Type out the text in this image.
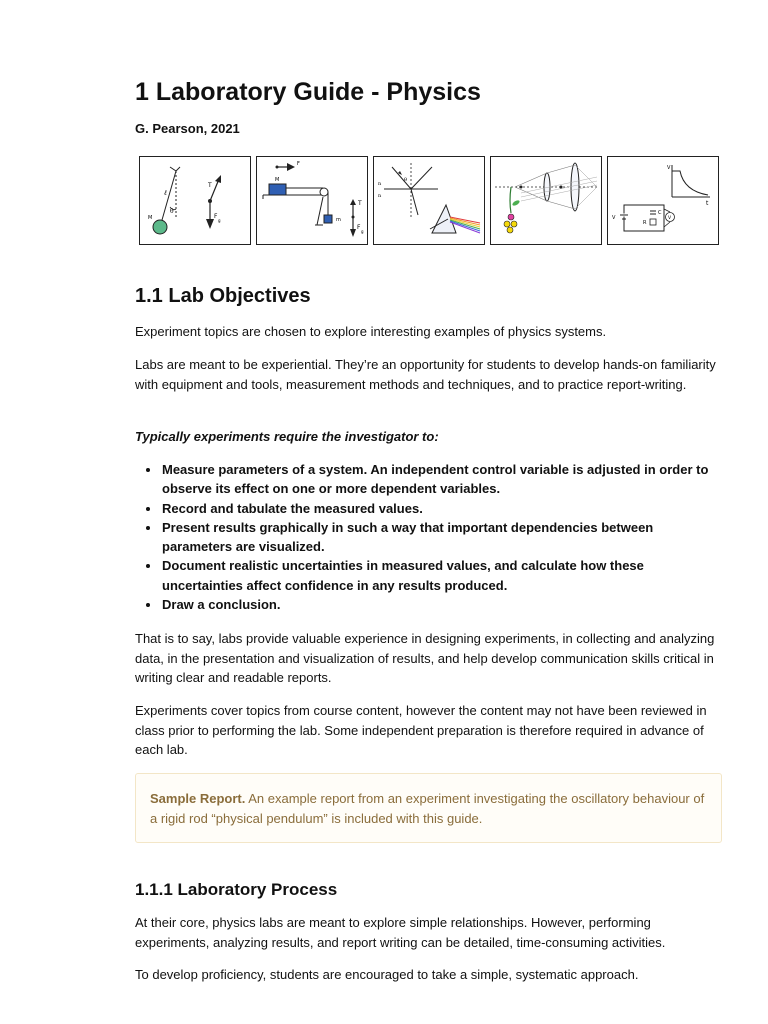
1 Laboratory Guide - Physics

G. Pearson, 2021

ℓ
θ
M
T
F
g
F
M
m
T
F
g
n
n
θ
V
t
V
C
R
V
1.1 Lab Objectives

Experiment topics are chosen to explore interesting examples of physics systems.

Labs are meant to be experiential. They’re an opportunity for students to develop hands-on familiarity with equipment and tools, measurement methods and techniques, and to practice report-writing.

Typically experiments require the investigator to:

Measure parameters of a system. An independent control variable is adjusted in order to observe its effect on one or more dependent variables.
Record and tabulate the measured values.
Present results graphically in such a way that important dependencies between parameters are visualized.
Document realistic uncertainties in measured values, and calculate how these uncertainties affect confidence in any results produced.
Draw a conclusion.

That is to say, labs provide valuable experience in designing experiments, in collecting and analyzing data, in the presentation and visualization of results, and help develop communication skills critical in writing clear and readable reports.

Experiments cover topics from course content, however the content may not have been reviewed in class prior to performing the lab. Some independent preparation is therefore required in advance of each lab.

Sample Report. An example report from an experiment investigating the oscillatory behaviour of a rigid rod “physical pendulum” is included with this guide.
1.1.1 Laboratory Process

At their core, physics labs are meant to explore simple relationships. However, performing experiments, analyzing results, and report writing can be detailed, time-consuming activities.

To develop proficiency, students are encouraged to take a simple, systematic approach.
